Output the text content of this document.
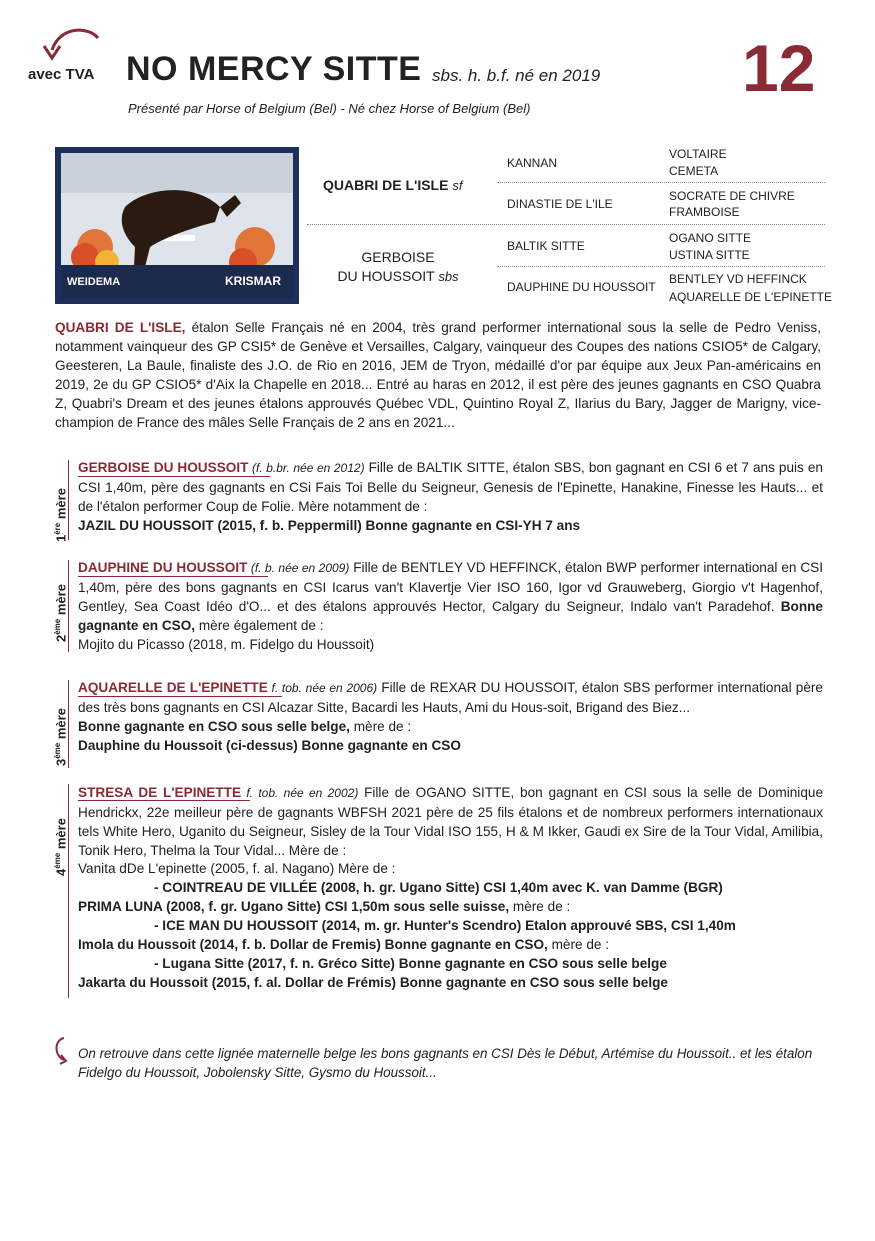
avec TVA NO MERCY SITTE sbs. h. b.f. né en 2019 12
Présenté par Horse of Belgium (Bel) - Né chez Horse of Belgium (Bel)
WEIDEMA	KRISMAR
QUABRI DE L'ISLE sf
GERBOISE
DU HOUSSOIT sbs
KANNAN
DINASTIE DE L'ILE
BALTIK SITTE
DAUPHINE DU HOUSSOIT
VOLTAIRE
CEMETA
SOCRATE DE CHIVRE
FRAMBOISE
OGANO SITTE
USTINA SITTE
BENTLEY VD HEFFINCK
AQUARELLE DE L'EPINETTE
QUABRI DE L'ISLE, étalon Selle Français né en 2004, très grand performer international sous la selle de Pedro Veniss, notamment vainqueur des GP CSI5* de Genève et Versailles, Calgary, vainqueur des Coupes des nations CSIO5* de Calgary, Geesteren, La Baule, finaliste des J.O. de Rio en 2016, JEM de Tryon, médaillé d'or par équipe aux Jeux Pan-américains en 2019, 2e du GP CSIO5* d'Aix la Chapelle en 2018... Entré au haras en 2012, il est père des jeunes gagnants en CSO Quabra Z, Quabri's Dream et des jeunes étalons approuvés Québec VDL, Quintino Royal Z, Ilarius du Bary, Jagger de Marigny, vice-champion de France des mâles Selle Français de 2 ans en 2021...
1ère mère
GERBOISE DU HOUSSOIT (f. b.br. née en 2012) Fille de BALTIK SITTE, étalon SBS, bon gagnant en CSI 6 et 7 ans puis en CSI 1,40m, père des gagnants en CSi Fais Toi Belle du Seigneur, Genesis de l'Epinette, Hanakine, Finesse les Hauts... et de l'étalon performer Coup de Folie. Mère notamment de :
JAZIL DU HOUSSOIT (2015, f. b. Peppermill) Bonne gagnante en CSI-YH 7 ans
2ème mère
DAUPHINE DU HOUSSOIT (f. b. née en 2009) Fille de BENTLEY VD HEFFINCK, étalon BWP performer international en CSI 1,40m, père des bons gagnants en CSI Icarus van't Klavertje Vier ISO 160, Igor vd Grauweberg, Giorgio v't Hagenhof, Gentley, Sea Coast Idéo d'O... et des étalons approuvés Hector, Calgary du Seigneur, Indalo van't Paradehof. Bonne gagnante en CSO, mère également de :
Mojito du Picasso (2018, m. Fidelgo du Houssoit)
3ème mère
AQUARELLE DE L'EPINETTE f. tob. née en 2006) Fille de REXAR DU HOUSSOIT, étalon SBS performer international père des très bons gagnants en CSI Alcazar Sitte, Bacardi les Hauts, Ami du Hous-soit, Brigand des Biez...
Bonne gagnante en CSO sous selle belge, mère de :
Dauphine du Houssoit (ci-dessus) Bonne gagnante en CSO
4ème mère
STRESA DE L'EPINETTE f. tob. née en 2002) Fille de OGANO SITTE, bon gagnant en CSI sous la selle de Dominique Hendrickx, 22e meilleur père de gagnants WBFSH 2021 père de 25 fils étalons et de nombreux performers internationaux tels White Hero, Uganito du Seigneur, Sisley de la Tour Vidal ISO 155, H & M Ikker, Gaudi ex Sire de la Tour Vidal, Amilibia, Tonik Hero, Thelma la Tour Vidal... Mère de :
Vanita dDe L'epinette (2005, f. al. Nagano) Mère de :
- COINTREAU DE VILLÉE (2008, h. gr. Ugano Sitte) CSI 1,40m avec K. van Damme (BGR)
PRIMA LUNA (2008, f. gr. Ugano Sitte) CSI 1,50m sous selle suisse, mère de :
- ICE MAN DU HOUSSOIT (2014, m. gr. Hunter's Scendro) Etalon approuvé SBS, CSI 1,40m
Imola du Houssoit (2014, f. b. Dollar de Fremis) Bonne gagnante en CSO, mère de :
- Lugana Sitte (2017, f. n. Gréco Sitte) Bonne gagnante en CSO sous selle belge
Jakarta du Houssoit (2015, f. al. Dollar de Frémis) Bonne gagnante en CSO sous selle belge
On retrouve dans cette lignée maternelle belge les bons gagnants en CSI Dès le Début, Artémise du Houssoit.. et les étalon Fidelgo du Houssoit, Jobolensky Sitte, Gysmo du Houssoit...
